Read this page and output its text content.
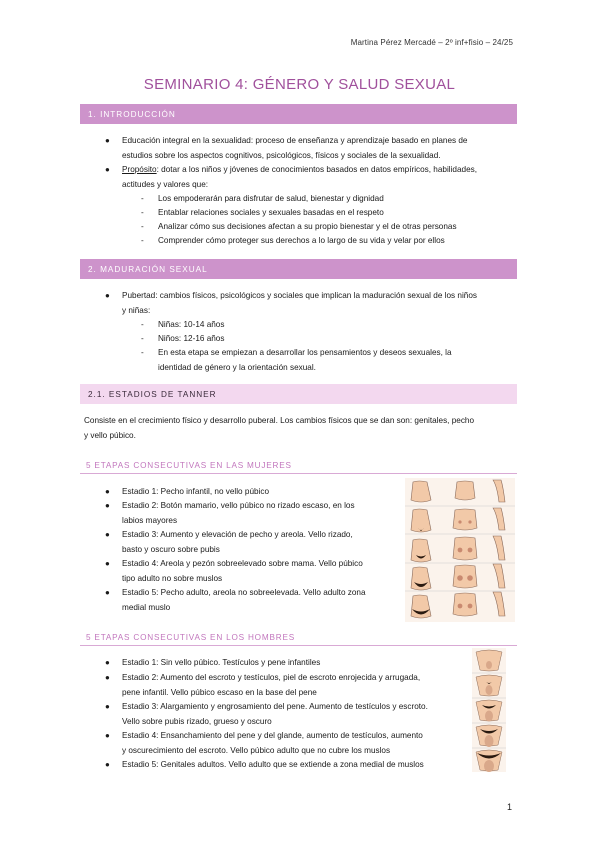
Martina Pérez Mercadé – 2º inf+fisio – 24/25
SEMINARIO 4: GÉNERO Y SALUD SEXUAL
1. INTRODUCCIÓN
● Educación integral en la sexualidad: proceso de enseñanza y aprendizaje basado en planes de
estudios sobre los aspectos cognitivos, psicológicos, físicos y sociales de la sexualidad.
● Propósito: dotar a los niños y jóvenes de conocimientos basados en datos empíricos, habilidades,
actitudes y valores que:
- Los empoderarán para disfrutar de salud, bienestar y dignidad
- Entablar relaciones sociales y sexuales basadas en el respeto
- Analizar cómo sus decisiones afectan a su propio bienestar y el de otras personas
- Comprender cómo proteger sus derechos a lo largo de su vida y velar por ellos
2. MADURACIÓN SEXUAL
● Pubertad: cambios físicos, psicológicos y sociales que implican la maduración sexual de los niños
y niñas:
- Niñas: 10-14 años
- Niños: 12-16 años
- En esta etapa se empiezan a desarrollar los pensamientos y deseos sexuales, la
identidad de género y la orientación sexual.
2.1. ESTADIOS DE TANNER
Consiste en el crecimiento físico y desarrollo puberal. Los cambios físicos que se dan son: genitales, pecho
y vello púbico.
5 ETAPAS CONSECUTIVAS EN LAS MUJERES
● Estadio 1: Pecho infantil, no vello púbico
● Estadio 2: Botón mamario, vello púbico no rizado escaso, en los
labios mayores
● Estadio 3: Aumento y elevación de pecho y areola. Vello rizado,
basto y oscuro sobre pubis
● Estadio 4: Areola y pezón sobreelevado sobre mama. Vello púbico
tipo adulto no sobre muslos
● Estadio 5: Pecho adulto, areola no sobreelevada. Vello adulto zona
medial muslo
5 ETAPAS CONSECUTIVAS EN LOS HOMBRES
● Estadio 1: Sin vello púbico. Testículos y pene infantiles
● Estadio 2: Aumento del escroto y testículos, piel de escroto enrojecida y arrugada,
pene infantil. Vello púbico escaso en la base del pene
● Estadio 3: Alargamiento y engrosamiento del pene. Aumento de testículos y escroto.
Vello sobre pubis rizado, grueso y oscuro
● Estadio 4: Ensanchamiento del pene y del glande, aumento de testículos, aumento
y oscurecimiento del escroto. Vello púbico adulto que no cubre los muslos
● Estadio 5: Genitales adultos. Vello adulto que se extiende a zona medial de muslos
1
